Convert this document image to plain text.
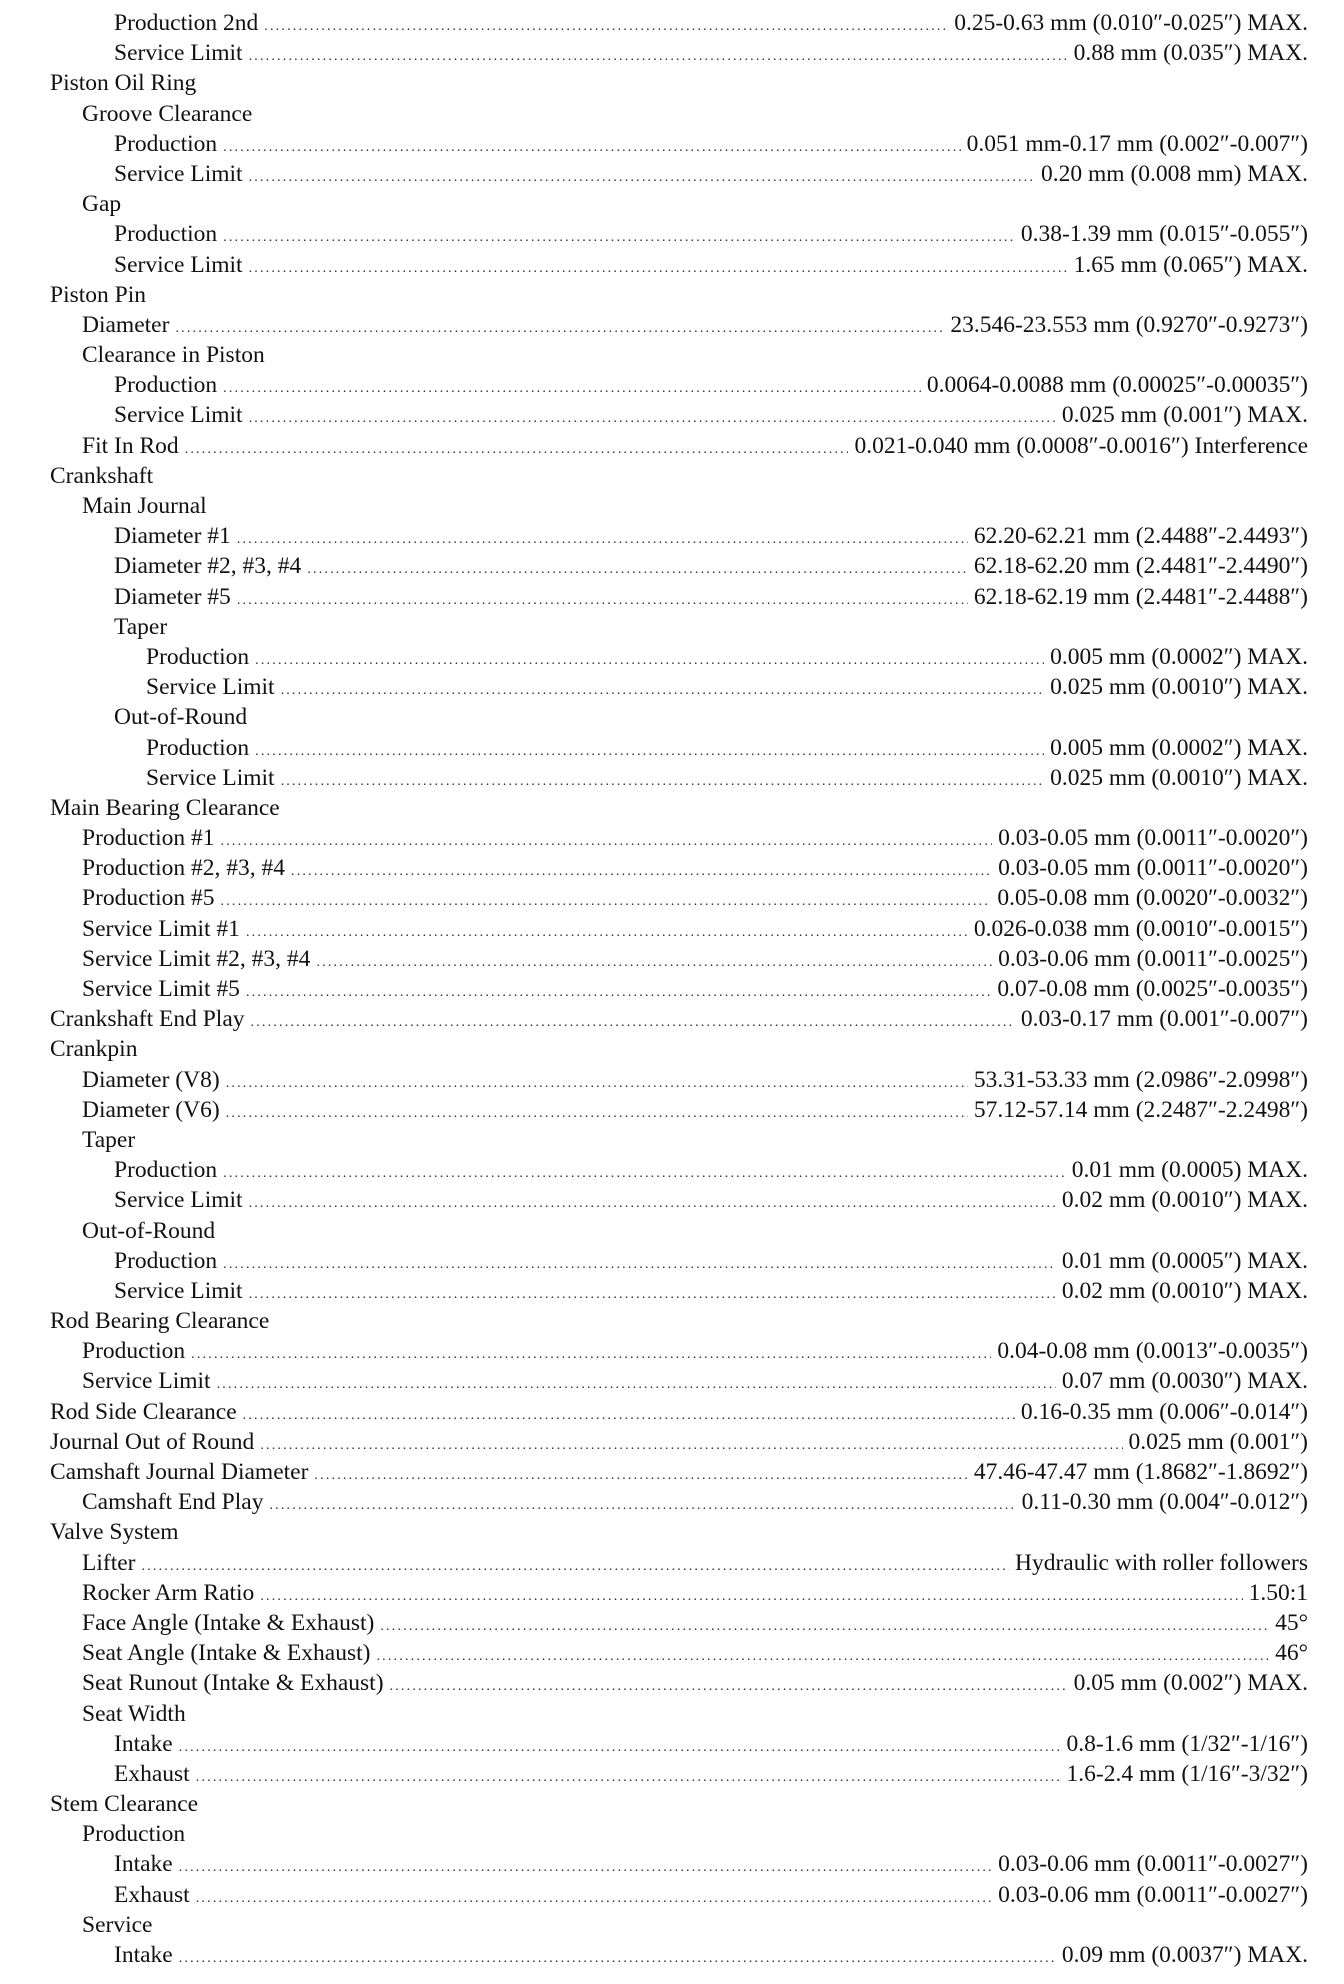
Production 2nd .....	0.25-0.63 mm (0.010″-0.025″) MAX.
Service Limit .....	0.88 mm (0.035″) MAX.
Piston Oil Ring
Groove Clearance
Production .....	0.051 mm-0.17 mm (0.002″-0.007″)
Service Limit .....	0.20 mm (0.008 mm) MAX.
Gap
Production .....	0.38-1.39 mm (0.015″-0.055″)
Service Limit .....	1.65 mm (0.065″) MAX.
Piston Pin
Diameter .....	23.546-23.553 mm (0.9270″-0.9273″)
Clearance in Piston
Production .....	0.0064-0.0088 mm (0.00025″-0.00035″)
Service Limit .....	0.025 mm (0.001″) MAX.
Fit In Rod .....	0.021-0.040 mm (0.0008″-0.0016″) Interference
Crankshaft
Main Journal
Diameter #1 .....	62.20-62.21 mm (2.4488″-2.4493″)
Diameter #2, #3, #4 .....	62.18-62.20 mm (2.4481″-2.4490″)
Diameter #5 .....	62.18-62.19 mm (2.4481″-2.4488″)
Taper
Production .....	0.005 mm (0.0002″) MAX.
Service Limit .....	0.025 mm (0.0010″) MAX.
Out-of-Round
Production .....	0.005 mm (0.0002″) MAX.
Service Limit .....	0.025 mm (0.0010″) MAX.
Main Bearing Clearance
Production #1 .....	0.03-0.05 mm (0.0011″-0.0020″)
Production #2, #3, #4 .....	0.03-0.05 mm (0.0011″-0.0020″)
Production #5 .....	0.05-0.08 mm (0.0020″-0.0032″)
Service Limit #1 .....	0.026-0.038 mm (0.0010″-0.0015″)
Service Limit #2, #3, #4 .....	0.03-0.06 mm (0.0011″-0.0025″)
Service Limit #5 .....	0.07-0.08 mm (0.0025″-0.0035″)
Crankshaft End Play .....	0.03-0.17 mm (0.001″-0.007″)
Crankpin
Diameter (V8) .....	53.31-53.33 mm (2.0986″-2.0998″)
Diameter (V6) .....	57.12-57.14 mm (2.2487″-2.2498″)
Taper
Production .....	0.01 mm (0.0005) MAX.
Service Limit .....	0.02 mm (0.0010″) MAX.
Out-of-Round
Production .....	0.01 mm (0.0005″) MAX.
Service Limit .....	0.02 mm (0.0010″) MAX.
Rod Bearing Clearance
Production .....	0.04-0.08 mm (0.0013″-0.0035″)
Service Limit .....	0.07 mm (0.0030″) MAX.
Rod Side Clearance .....	0.16-0.35 mm (0.006″-0.014″)
Journal Out of Round .....	0.025 mm (0.001″)
Camshaft Journal Diameter .....	47.46-47.47 mm (1.8682″-1.8692″)
Camshaft End Play .....	0.11-0.30 mm (0.004″-0.012″)
Valve System
Lifter .....	Hydraulic with roller followers
Rocker Arm Ratio .....	1.50:1
Face Angle (Intake & Exhaust) .....	45°
Seat Angle (Intake & Exhaust) .....	46°
Seat Runout (Intake & Exhaust) .....	0.05 mm (0.002″) MAX.
Seat Width
Intake .....	0.8-1.6 mm (1/32″-1/16″)
Exhaust .....	1.6-2.4 mm (1/16″-3/32″)
Stem Clearance
Production
Intake .....	0.03-0.06 mm (0.0011″-0.0027″)
Exhaust .....	0.03-0.06 mm (0.0011″-0.0027″)
Service
Intake .....	0.09 mm (0.0037″) MAX.
